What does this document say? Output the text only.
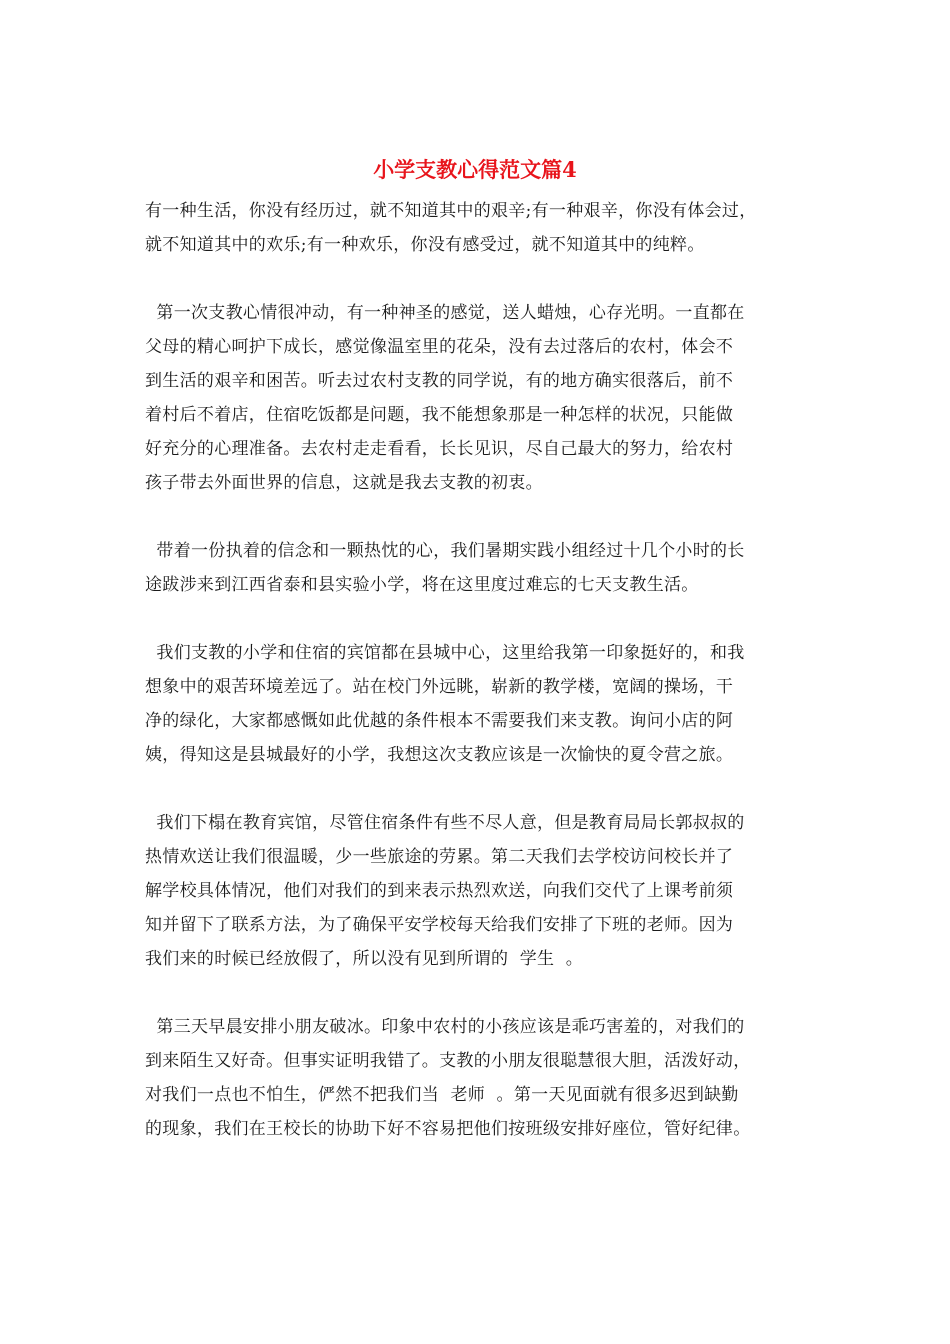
小学支教心得范文篇4

有一种生活，你没有经历过，就不知道其中的艰辛;有一种艰辛，你没有体会过，
就不知道其中的欢乐;有一种欢乐，你没有感受过，就不知道其中的纯粹。

第一次支教心情很冲动，有一种神圣的感觉，送人蜡烛，心存光明。一直都在
父母的精心呵护下成长，感觉像温室里的花朵，没有去过落后的农村，体会不
到生活的艰辛和困苦。听去过农村支教的同学说，有的地方确实很落后，前不
着村后不着店，住宿吃饭都是问题，我不能想象那是一种怎样的状况，只能做
好充分的心理准备。去农村走走看看，长长见识，尽自己最大的努力，给农村
孩子带去外面世界的信息，这就是我去支教的初衷。

带着一份执着的信念和一颗热忱的心，我们暑期实践小组经过十几个小时的长
途跋涉来到江西省泰和县实验小学，将在这里度过难忘的七天支教生活。

我们支教的小学和住宿的宾馆都在县城中心，这里给我第一印象挺好的，和我
想象中的艰苦环境差远了。站在校门外远眺，崭新的教学楼，宽阔的操场，干
净的绿化，大家都感慨如此优越的条件根本不需要我们来支教。询问小店的阿
姨，得知这是县城最好的小学，我想这次支教应该是一次愉快的夏令营之旅。

我们下榻在教育宾馆，尽管住宿条件有些不尽人意，但是教育局局长郭叔叔的
热情欢送让我们很温暖，少一些旅途的劳累。第二天我们去学校访问校长并了
解学校具体情况，他们对我们的到来表示热烈欢送，向我们交代了上课考前须
知并留下了联系方法，为了确保平安学校每天给我们安排了下班的老师。因为
我们来的时候已经放假了，所以没有见到所谓的  学生  。

第三天早晨安排小朋友破冰。印象中农村的小孩应该是乖巧害羞的，对我们的
到来陌生又好奇。但事实证明我错了。支教的小朋友很聪慧很大胆，活泼好动，
对我们一点也不怕生，俨然不把我们当  老师  。第一天见面就有很多迟到缺勤
的现象，我们在王校长的协助下好不容易把他们按班级安排好座位，管好纪律。
